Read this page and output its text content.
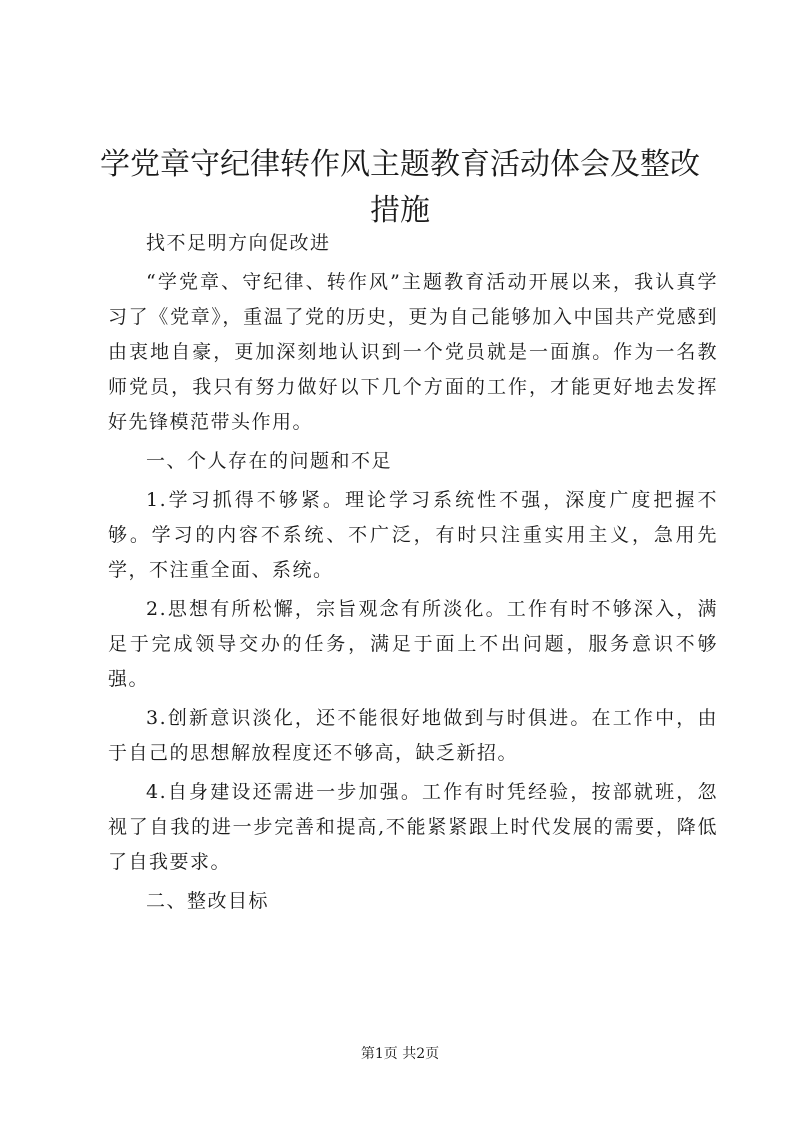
学党章守纪律转作风主题教育活动体会及整改
措施

找不足明方向促改进

“学党章、守纪律、转作风”主题教育活动开展以来，我认真学习了《党章》，重温了党的历史，更为自己能够加入中国共产党感到由衷地自豪，更加深刻地认识到一个党员就是一面旗。作为一名教师党员，我只有努力做好以下几个方面的工作，才能更好地去发挥好先锋模范带头作用。

一、个人存在的问题和不足

1.学习抓得不够紧。理论学习系统性不强，深度广度把握不够。学习的内容不系统、不广泛，有时只注重实用主义，急用先学，不注重全面、系统。

2.思想有所松懈，宗旨观念有所淡化。工作有时不够深入，满足于完成领导交办的任务，满足于面上不出问题，服务意识不够强。

3.创新意识淡化，还不能很好地做到与时俱进。在工作中，由于自己的思想解放程度还不够高，缺乏新招。

4.自身建设还需进一步加强。工作有时凭经验，按部就班，忽视了自我的进一步完善和提高,不能紧紧跟上时代发展的需要，降低了自我要求。

二、整改目标

第1页 共2页
